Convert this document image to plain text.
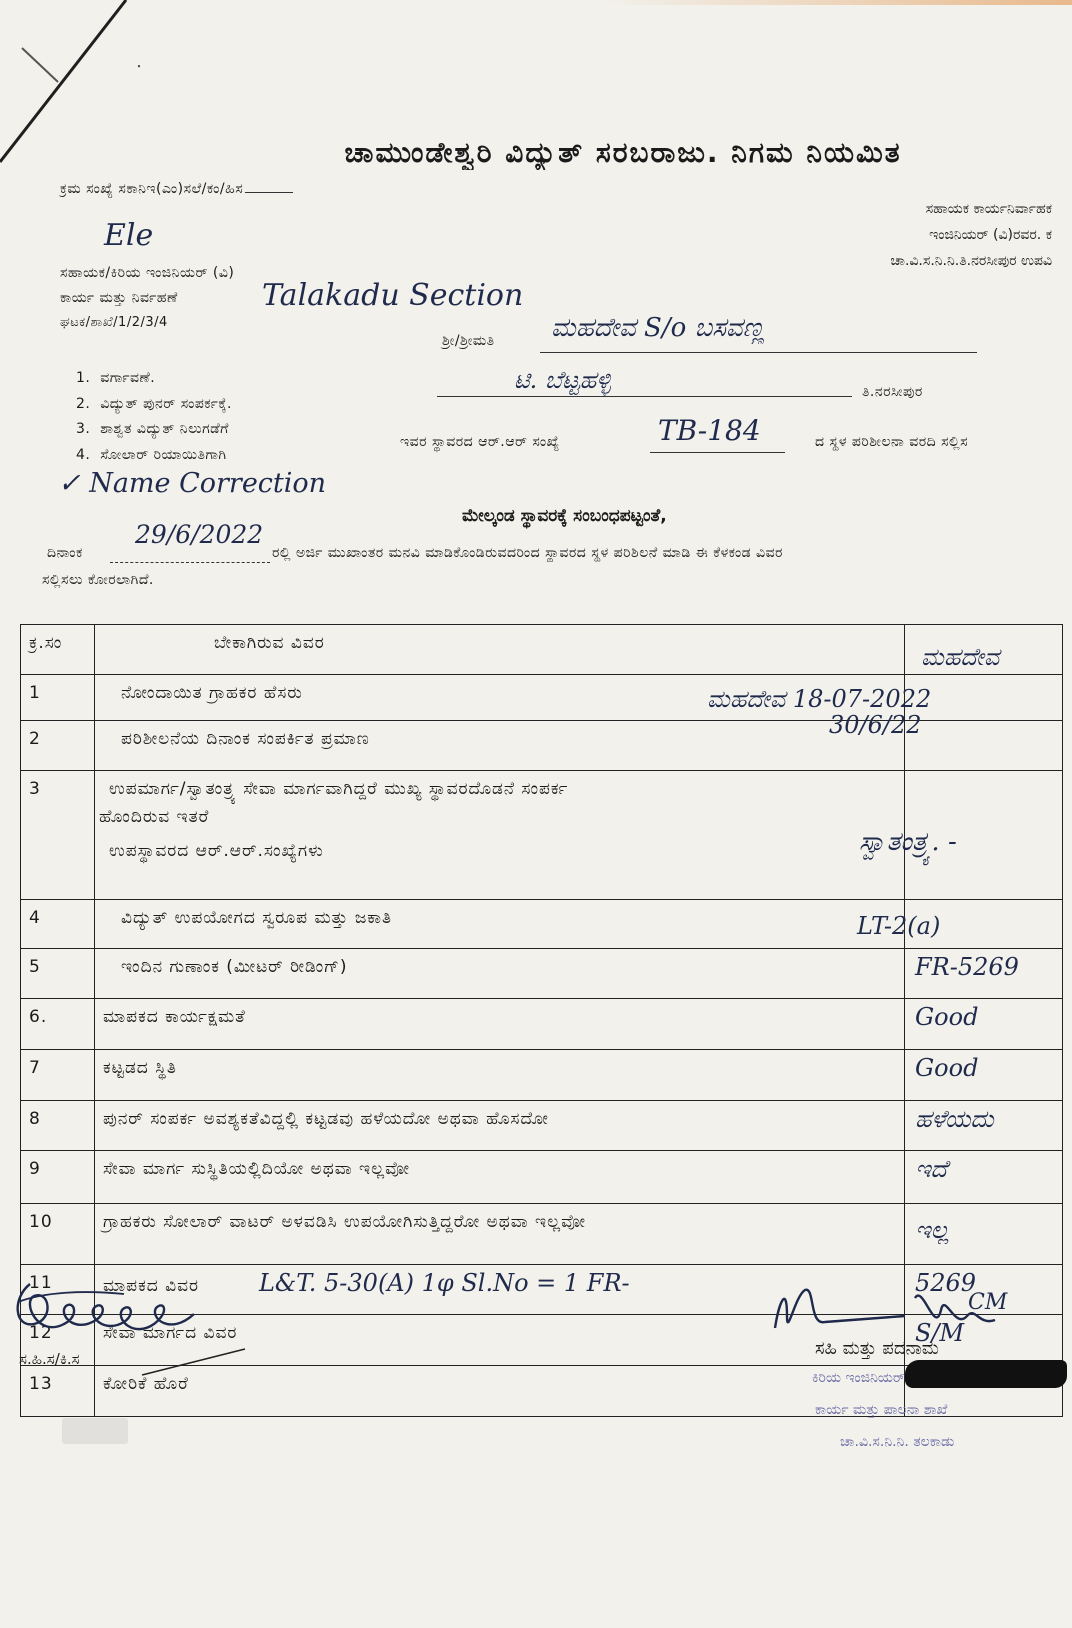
ಚಾಮುಂಡೇಶ್ವರಿ ವಿದ್ಯುತ್ ಸರಬರಾಜು. ನಿಗಮ ನಿಯಮಿತ
ಕ್ರಮ ಸಂಖ್ಯೆ ಸಕಾನಿಇ(ಎಂ)ಸಲೆ/ಕಂ/ಹಿಸ
ಸಹಾಯಕ ಕಾರ್ಯನಿರ್ವಾಹಕ
ಇಂಜಿನಿಯರ್ (ವಿ)ರವರ. ಕ
ಚಾ.ವಿ.ಸ.ನಿ.ನಿ.ತಿ.ನರಸೀಪುರ ಉಪವಿ
Ele
ಸಹಾಯಕ/ಕಿರಿಯ ಇಂಜಿನಿಯರ್ (ವಿ)
ಕಾರ್ಯ ಮತ್ತು ನಿರ್ವಹಣೆ	Talakadu Section
ಘಟಕ/ಶಾಖೆ/1/2/3/4
ಶ್ರೀ/ಶ್ರೀಮತಿ ಮಹದೇವ S/o ಬಸವಣ್ಣ
ಟಿ. ಬೆಟ್ಟಹಳ್ಳಿ	ತಿ.ನರಸೀಪುರ
1. ವರ್ಗಾವಣೆ.
2. ವಿದ್ಯುತ್ ಪುನರ್ ಸಂಪರ್ಕಕ್ಕೆ.
3. ಶಾಶ್ವತ ವಿದ್ಯುತ್ ನಿಲುಗಡೆಗೆ
4. ಸೋಲಾರ್ ರಿಯಾಯಿತಿಗಾಗಿ
✓ Name Correction
ಇವರ ಸ್ಥಾವರದ ಆರ್.ಆರ್ ಸಂಖ್ಯೆ	TB-184	ದ ಸ್ಥಳ ಪರಿಶೀಲನಾ ವರದಿ ಸಲ್ಲಿಸ
ಮೇಲ್ಕಂಡ ಸ್ಥಾವರಕ್ಕೆ ಸಂಬಂಧಪಟ್ಟಂತೆ,
ದಿನಾಂಕ
29/6/2022
ರಲ್ಲಿ ಅರ್ಜಿ ಮುಖಾಂತರ ಮನವಿ ಮಾಡಿಕೊಂಡಿರುವದರಿಂದ ಸ್ಥಾವರದ ಸ್ಥಳ ಪರಿಶಿಲನೆ ಮಾಡಿ ಈ ಕೆಳಕಂಡ ವಿವರ
ಸಲ್ಲಿಸಲು ಕೋರಲಾಗಿದೆ.
ಕ್ರ.ಸಂ	ಬೇಕಾಗಿರುವ ವಿವರ	

1	ನೋಂದಾಯಿತ ಗ್ರಾಹಕರ ಹೆಸರು ಮಹದೇವ 18-07-2022	ಮಹದೇವ

2	ಪರಿಶೀಲನೆಯ ದಿನಾಂಕ ಸಂಪರ್ಕಿತ ಪ್ರಮಾಣ	30/6/22

3	ಉಪಮಾರ್ಗ/ಸ್ವಾತಂತ್ರ್ಯ ಸೇವಾ ಮಾರ್ಗವಾಗಿದ್ದರೆ ಮುಖ್ಯ ಸ್ಥಾವರದೊಡನೆ ಸಂಪರ್ಕ
ಹೊಂದಿರುವ ಇತರೆ
ಉಪಸ್ಥಾವರದ ಆರ್.ಆರ್.ಸಂಖ್ಯೆಗಳು	ಸ್ವಾತಂತ್ರ್ಯ. -

4	ವಿದ್ಯುತ್ ಉಪಯೋಗದ ಸ್ವರೂಪ ಮತ್ತು ಜಕಾತಿ	LT-2(a)

5	ಇಂದಿನ ಗುಣಾಂಕ (ಮೀಟರ್ ರೀಡಿಂಗ್)	FR-5269
6.	ಮಾಪಕದ ಕಾರ್ಯಕ್ಷಮತೆ	Good
7	ಕಟ್ಟಡದ ಸ್ಥಿತಿ	Good
8	ಪುನರ್ ಸಂಪರ್ಕ ಅವಶ್ಯಕತೆವಿದ್ದಲ್ಲಿ ಕಟ್ಟಡವು ಹಳೆಯದೋ ಅಥವಾ ಹೊಸದೋ	ಹಳೆಯದು
9	ಸೇವಾ ಮಾರ್ಗ ಸುಸ್ಥಿತಿಯಲ್ಲಿದಿಯೋ ಅಥವಾ ಇಲ್ಲವೋ	ಇದೆ
10	ಗ್ರಾಹಕರು ಸೋಲಾರ್ ವಾಟರ್ ಅಳವಡಿಸಿ ಉಪಯೋಗಿಸುತ್ತಿದ್ದರೋ ಅಥವಾ ಇಲ್ಲವೋ	ಇಲ್ಲ
11	ಮಾಪಕದ ವಿವರ L&T. 5-30(A) 1φ Sl.No = 1 FR-	5269
12	ಸೇವಾ ಮಾರ್ಗದ ವಿವರ	S/M
13	ಕೋರಿಕೆ ಹೊರೆ

ಸ.ಹಿ.ಸ/ಕಿ.ಸ
CM
ಸಹಿ ಮತ್ತು ಪದನಾಮ
ಕಿರಿಯ ಇಂಜಿನಿಯರ್
ಕಾರ್ಯ ಮತ್ತು ಪಾಲನಾ ಶಾಖೆ
ಚಾ.ವಿ.ಸ.ನಿ.ನಿ. ತಲಕಾಡು
